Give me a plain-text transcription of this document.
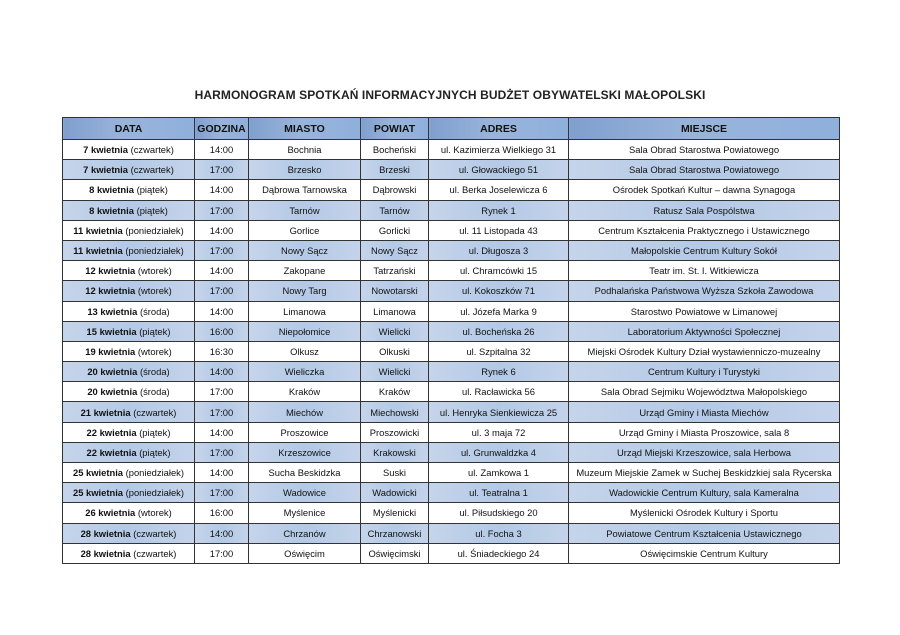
HARMONOGRAM SPOTKAŃ INFORMACYJNYCH BUDŻET OBYWATELSKI MAŁOPOLSKI
DATA	GODZINA	MIASTO	POWIAT	ADRES	MIEJSCE
7 kwietnia (czwartek)	14:00	Bochnia	Bocheński	ul. Kazimierza Wielkiego 31	Sala Obrad Starostwa Powiatowego
7 kwietnia (czwartek)	17:00	Brzesko	Brzeski	ul. Głowackiego 51	Sala Obrad Starostwa Powiatowego
8 kwietnia (piątek)	14:00	Dąbrowa Tarnowska	Dąbrowski	ul. Berka Joselewicza 6	Ośrodek Spotkań Kultur – dawna Synagoga
8 kwietnia (piątek)	17:00	Tarnów	Tarnów	Rynek 1	Ratusz Sala Pospólstwa
11 kwietnia (poniedziałek)	14:00	Gorlice	Gorlicki	ul. 11 Listopada 43	Centrum Kształcenia Praktycznego i Ustawicznego
11 kwietnia (poniedziałek)	17:00	Nowy Sącz	Nowy Sącz	ul. Długosza 3	Małopolskie Centrum Kultury Sokół
12 kwietnia (wtorek)	14:00	Zakopane	Tatrzański	ul. Chramcówki 15	Teatr im. St. I. Witkiewicza
12 kwietnia (wtorek)	17:00	Nowy Targ	Nowotarski	ul. Kokoszków 71	Podhalańska Państwowa Wyższa Szkoła Zawodowa
13 kwietnia (środa)	14:00	Limanowa	Limanowa	ul. Józefa Marka 9	Starostwo Powiatowe w Limanowej
15 kwietnia (piątek)	16:00	Niepołomice	Wielicki	ul. Bocheńska 26	Laboratorium Aktywności Społecznej
19 kwietnia (wtorek)	16:30	Olkusz	Olkuski	ul. Szpitalna 32	Miejski Ośrodek Kultury Dział wystawienniczo-muzealny
20 kwietnia (środa)	14:00	Wieliczka	Wielicki	Rynek 6	Centrum Kultury i Turystyki
20 kwietnia (środa)	17:00	Kraków	Kraków	ul. Racławicka 56	Sala Obrad Sejmiku Województwa Małopolskiego
21 kwietnia (czwartek)	17:00	Miechów	Miechowski	ul. Henryka Sienkiewicza 25	Urząd Gminy i Miasta Miechów
22 kwietnia (piątek)	14:00	Proszowice	Proszowicki	ul. 3 maja 72	Urząd Gminy i Miasta Proszowice, sala 8
22 kwietnia (piątek)	17:00	Krzeszowice	Krakowski	ul. Grunwaldzka 4	Urząd Miejski Krzeszowice, sala Herbowa
25 kwietnia (poniedziałek)	14:00	Sucha Beskidzka	Suski	ul. Zamkowa 1	Muzeum Miejskie Zamek w Suchej Beskidzkiej sala Rycerska
25 kwietnia (poniedziałek)	17:00	Wadowice	Wadowicki	ul. Teatralna 1	Wadowickie Centrum Kultury, sala Kameralna
26 kwietnia (wtorek)	16:00	Myślenice	Myślenicki	ul. Piłsudskiego 20	Myślenicki Ośrodek Kultury i Sportu
28 kwietnia (czwartek)	14:00	Chrzanów	Chrzanowski	ul. Focha 3	Powiatowe Centrum Kształcenia Ustawicznego
28 kwietnia (czwartek)	17:00	Oświęcim	Oświęcimski	ul. Śniadeckiego 24	Oświęcimskie Centrum Kultury
